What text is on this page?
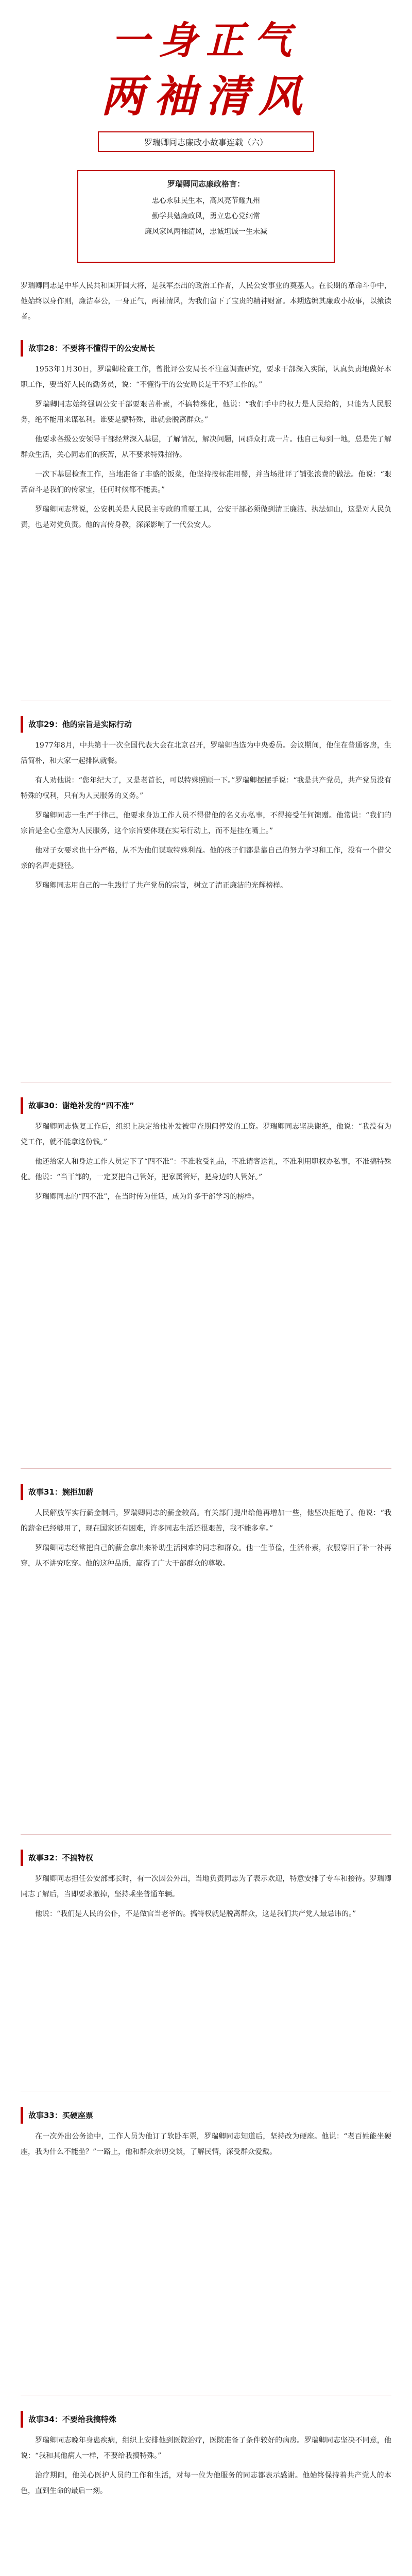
一身正气
两袖清风
罗瑞卿同志廉政小故事连载（六）
罗瑞卿同志廉政格言：
忠心永驻民生本，高风亮节耀九州
勤学共勉廉政风，勇立忠心党纲常
廉风家风两袖清风，忠诚坦诚一生未减
罗瑞卿同志是中华人民共和国开国大将，是我军杰出的政治工作者，人民公安事业的奠基人。在长期的革命斗争中，他始终以身作则，廉洁奉公，一身正气，两袖清风，为我们留下了宝贵的精神财富。本期选编其廉政小故事，以飨读者。
故事28：不要将不懂得干的公安局长

1953年1月30日，罗瑞卿检查工作，曾批评公安局长不注意调查研究，要求干部深入实际，认真负责地做好本职工作，要当好人民的勤务员，说：“不懂得干的公安局长是干不好工作的。”

罗瑞卿同志始终强调公安干部要艰苦朴素，不搞特殊化，他说：“我们手中的权力是人民给的，只能为人民服务，绝不能用来谋私利。谁要是搞特殊，谁就会脱离群众。”

他要求各级公安领导干部经常深入基层，了解情况，解决问题，同群众打成一片。他自己每到一地，总是先了解群众生活，关心同志们的疾苦，从不要求特殊招待。

一次下基层检查工作，当地准备了丰盛的饭菜，他坚持按标准用餐，并当场批评了铺张浪费的做法。他说：“艰苦奋斗是我们的传家宝，任何时候都不能丢。”

罗瑞卿同志常说，公安机关是人民民主专政的重要工具，公安干部必须做到清正廉洁、执法如山，这是对人民负责，也是对党负责。他的言传身教，深深影响了一代公安人。

故事29：他的宗旨是实际行动

1977年8月，中共第十一次全国代表大会在北京召开，罗瑞卿当选为中央委员。会议期间，他住在普通客房，生活简朴，和大家一起排队就餐。

有人劝他说：“您年纪大了，又是老首长，可以特殊照顾一下。”罗瑞卿摆摆手说：“我是共产党员，共产党员没有特殊的权利，只有为人民服务的义务。”

罗瑞卿同志一生严于律己，他要求身边工作人员不得借他的名义办私事，不得接受任何馈赠。他常说：“我们的宗旨是全心全意为人民服务，这个宗旨要体现在实际行动上，而不是挂在嘴上。”

他对子女要求也十分严格，从不为他们谋取特殊利益。他的孩子们都是靠自己的努力学习和工作，没有一个借父亲的名声走捷径。

罗瑞卿同志用自己的一生践行了共产党员的宗旨，树立了清正廉洁的光辉榜样。

故事30：谢绝补发的“四不准”

罗瑞卿同志恢复工作后，组织上决定给他补发被审查期间停发的工资。罗瑞卿同志坚决谢绝，他说：“我没有为党工作，就不能拿这份钱。”

他还给家人和身边工作人员定下了“四不准”：不准收受礼品，不准请客送礼，不准利用职权办私事，不准搞特殊化。他说：“当干部的，一定要把自己管好，把家属管好，把身边的人管好。”

罗瑞卿同志的“四不准”，在当时传为佳话，成为许多干部学习的榜样。

故事31：婉拒加薪

人民解放军实行薪金制后，罗瑞卿同志的薪金较高。有关部门提出给他再增加一些，他坚决拒绝了。他说：“我的薪金已经够用了，现在国家还有困难，许多同志生活还很艰苦，我不能多拿。”

罗瑞卿同志经常把自己的薪金拿出来补助生活困难的同志和群众。他一生节俭，生活朴素，衣服穿旧了补一补再穿，从不讲究吃穿。他的这种品质，赢得了广大干部群众的尊敬。

故事32：不搞特权

罗瑞卿同志担任公安部部长时，有一次因公外出，当地负责同志为了表示欢迎，特意安排了专车和接待。罗瑞卿同志了解后，当即要求撤掉，坚持乘坐普通车辆。

他说：“我们是人民的公仆，不是做官当老爷的。搞特权就是脱离群众，这是我们共产党人最忌讳的。”

故事33：买硬座票

在一次外出公务途中，工作人员为他订了软卧车票，罗瑞卿同志知道后，坚持改为硬座。他说：“老百姓能坐硬座，我为什么不能坐？”一路上，他和群众亲切交谈，了解民情，深受群众爱戴。

故事34：不要给我搞特殊

罗瑞卿同志晚年身患疾病，组织上安排他到医院治疗，医院准备了条件较好的病房。罗瑞卿同志坚决不同意，他说：“我和其他病人一样，不要给我搞特殊。”

治疗期间，他关心医护人员的工作和生活，对每一位为他服务的同志都表示感谢。他始终保持着共产党人的本色，直到生命的最后一刻。
